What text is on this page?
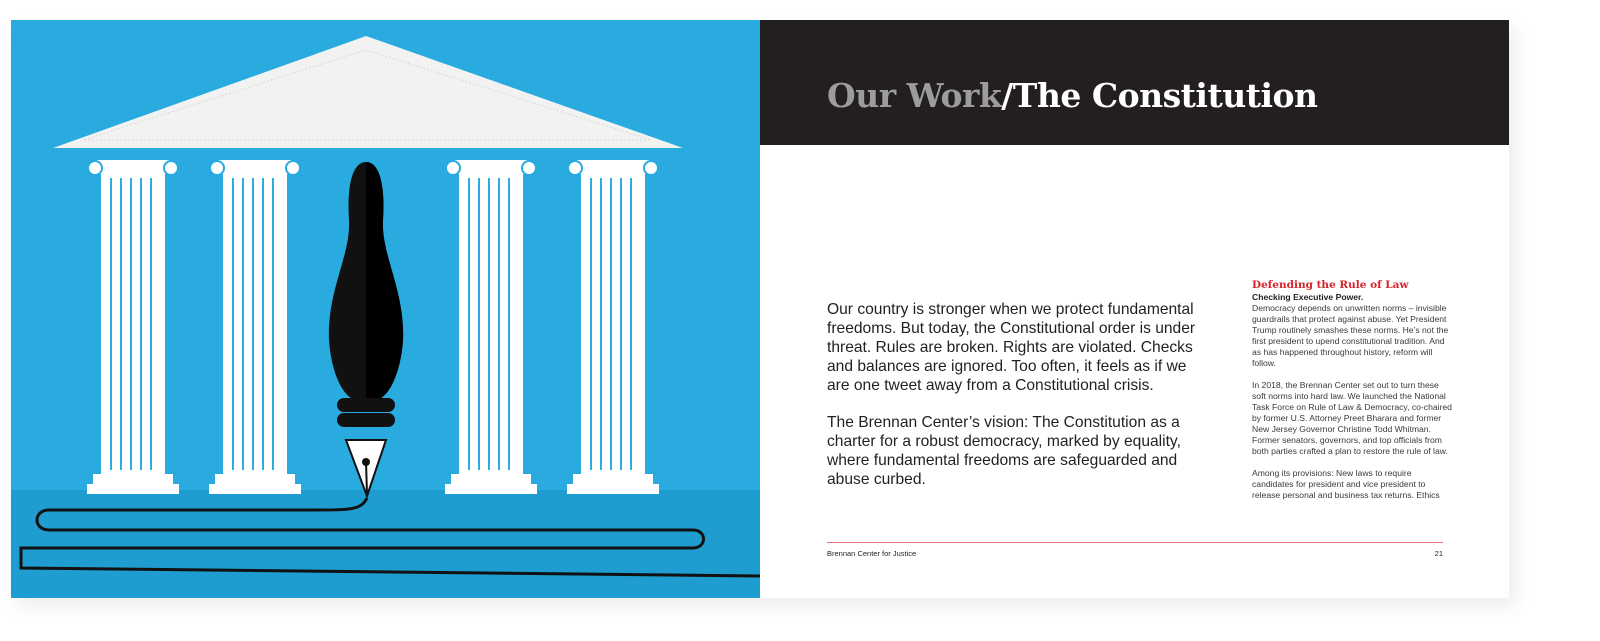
Our Work/The Constitution

Our country is stronger when we protect fundamental freedoms. But today, the Constitutional order is under threat. Rules are broken. Rights are violated. Checks and balances are ignored. Too often, it feels as if we are one tweet away from a Constitutional crisis.

The Brennan Center’s vision: The Constitution as a charter for a robust democracy, marked by equality, where fundamental freedoms are safeguarded and abuse curbed.

Defending the Rule of Law
Checking Executive Power.

Democracy depends on unwritten norms – invisible guardrails that protect against abuse. Yet President Trump routinely smashes these norms. He’s not the first president to upend constitutional tradition. And as has happened throughout history, reform will follow.

In 2018, the Brennan Center set out to turn these soft norms into hard law. We launched the National Task Force on Rule of Law & Democracy, co-chaired by former U.S. Attorney Preet Bharara and former New Jersey Governor Christine Todd Whitman. Former senators, governors, and top officials from both parties crafted a plan to restore the rule of law.

Among its provisions: New laws to require candidates for president and vice president to release personal and business tax returns. Ethics

Brennan Center for Justice	21
